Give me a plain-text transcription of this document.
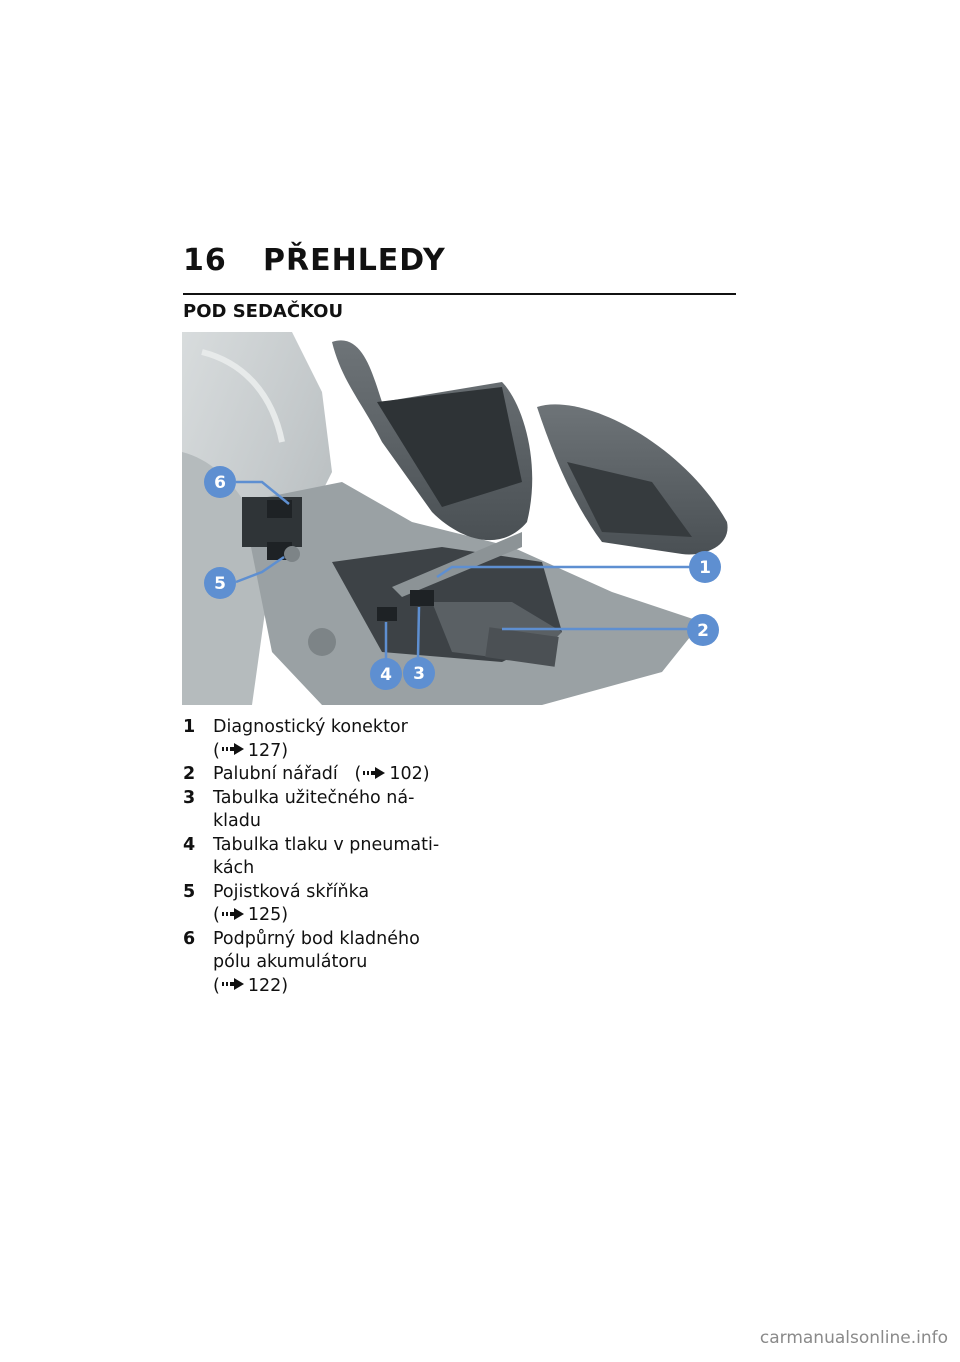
16 PŘEHLEDY
POD SEDAČKOU
1
2
3
4
5
6
1	Diagnostický konektor
( 127)
2	Palubní nářadí   ( 102)
3	Tabulka užitečného ná-
kladu
4	Tabulka tlaku v pneumati-
kách
5	Pojistková skříňka
( 125)
6	Podpůrný bod kladného
pólu akumulátoru
( 122)
carmanualsonline.info
